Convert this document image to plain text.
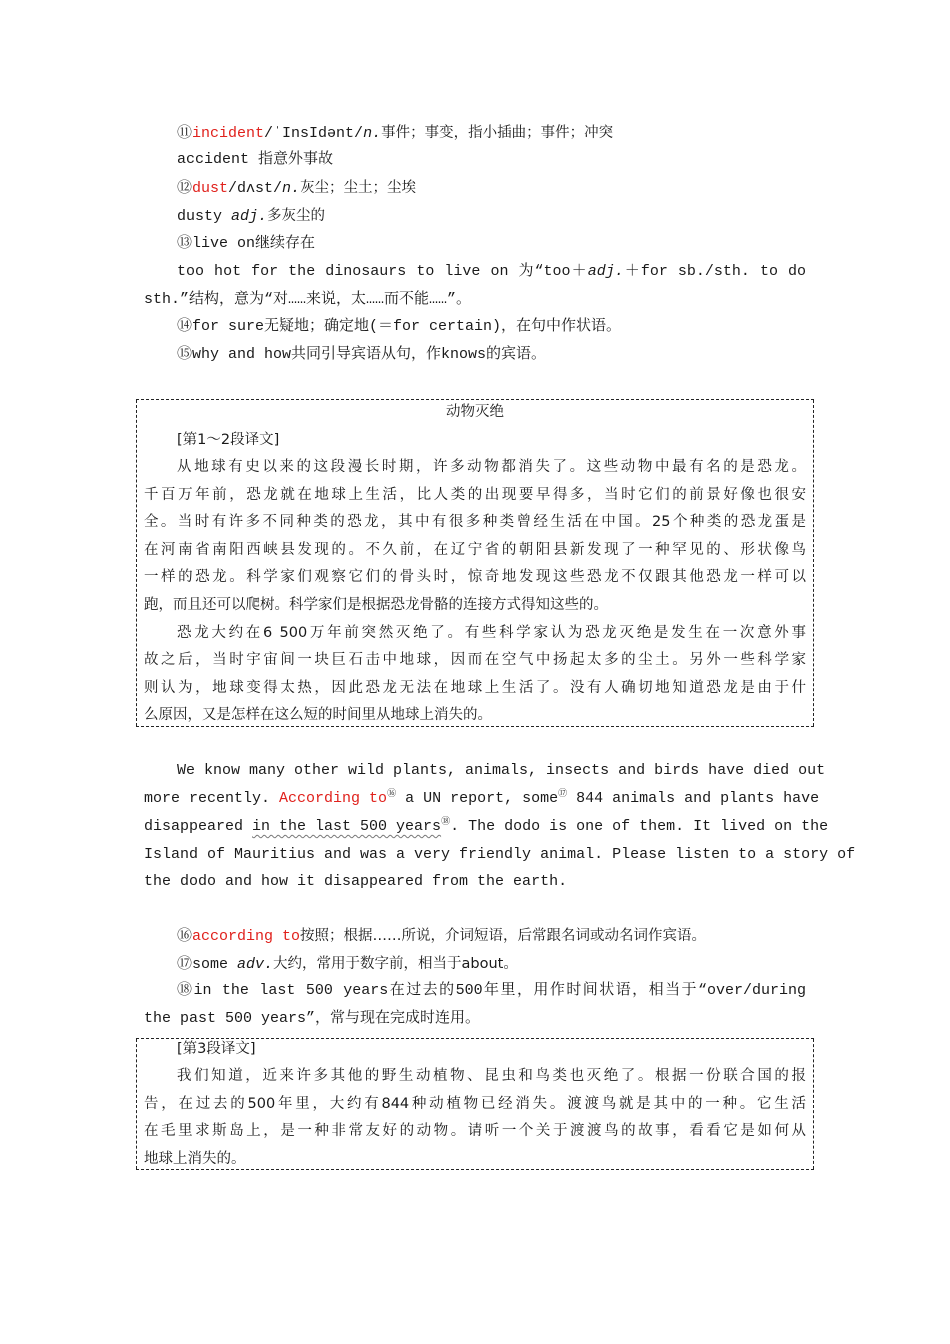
⑪incident/ˈInsIdənt/n.事件；事变，指小插曲；事件；冲突
accident 指意外事故
⑫dust/dʌst/n.灰尘；尘土；尘埃
dusty adj.多灰尘的
⑬live on继续存在
too hot for the dinosaurs to live on 为“too＋adj.＋for sb./sth. to do
sth.”结构，意为“对……来说，太……而不能……”。
⑭for sure无疑地；确定地(＝for certain)，在句中作状语。
⑮why and how共同引导宾语从句，作knows的宾语。
动物灭绝
[第1～2段译文]
从地球有史以来的这段漫长时期，许多动物都消失了。这些动物中最有名的是恐龙。
千百万年前，恐龙就在地球上生活，比人类的出现要早得多，当时它们的前景好像也很安
全。当时有许多不同种类的恐龙，其中有很多种类曾经生活在中国。25个种类的恐龙蛋是
在河南省南阳西峡县发现的。不久前，在辽宁省的朝阳县新发现了一种罕见的、形状像鸟
一样的恐龙。科学家们观察它们的骨头时，惊奇地发现这些恐龙不仅跟其他恐龙一样可以
跑，而且还可以爬树。科学家们是根据恐龙骨骼的连接方式得知这些的。
恐龙大约在6 500万年前突然灭绝了。有些科学家认为恐龙灭绝是发生在一次意外事
故之后，当时宇宙间一块巨石击中地球，因而在空气中扬起太多的尘土。另外一些科学家
则认为，地球变得太热，因此恐龙无法在地球上生活了。没有人确切地知道恐龙是由于什
么原因，又是怎样在这么短的时间里从地球上消失的。
We know many other wild plants, animals, insects and birds have died out
more recently. According to⑯ a UN report, some⑰ 844 animals and plants have
disappeared in the last 500 years⑱. The dodo is one of them. It lived on the
Island of Mauritius and was a very friendly animal. Please listen to a story of
the dodo and how it disappeared from the earth.
⑯according to按照；根据……所说，介词短语，后常跟名词或动名词作宾语。
⑰some adv.大约，常用于数字前，相当于about。
⑱in the last 500 years在过去的500年里，用作时间状语，相当于“over/during
the past 500 years”，常与现在完成时连用。
[第3段译文]
我们知道，近来许多其他的野生动植物、昆虫和鸟类也灭绝了。根据一份联合国的报
告，在过去的500年里，大约有844种动植物已经消失。渡渡鸟就是其中的一种。它生活
在毛里求斯岛上，是一种非常友好的动物。请听一个关于渡渡鸟的故事，看看它是如何从
地球上消失的。
